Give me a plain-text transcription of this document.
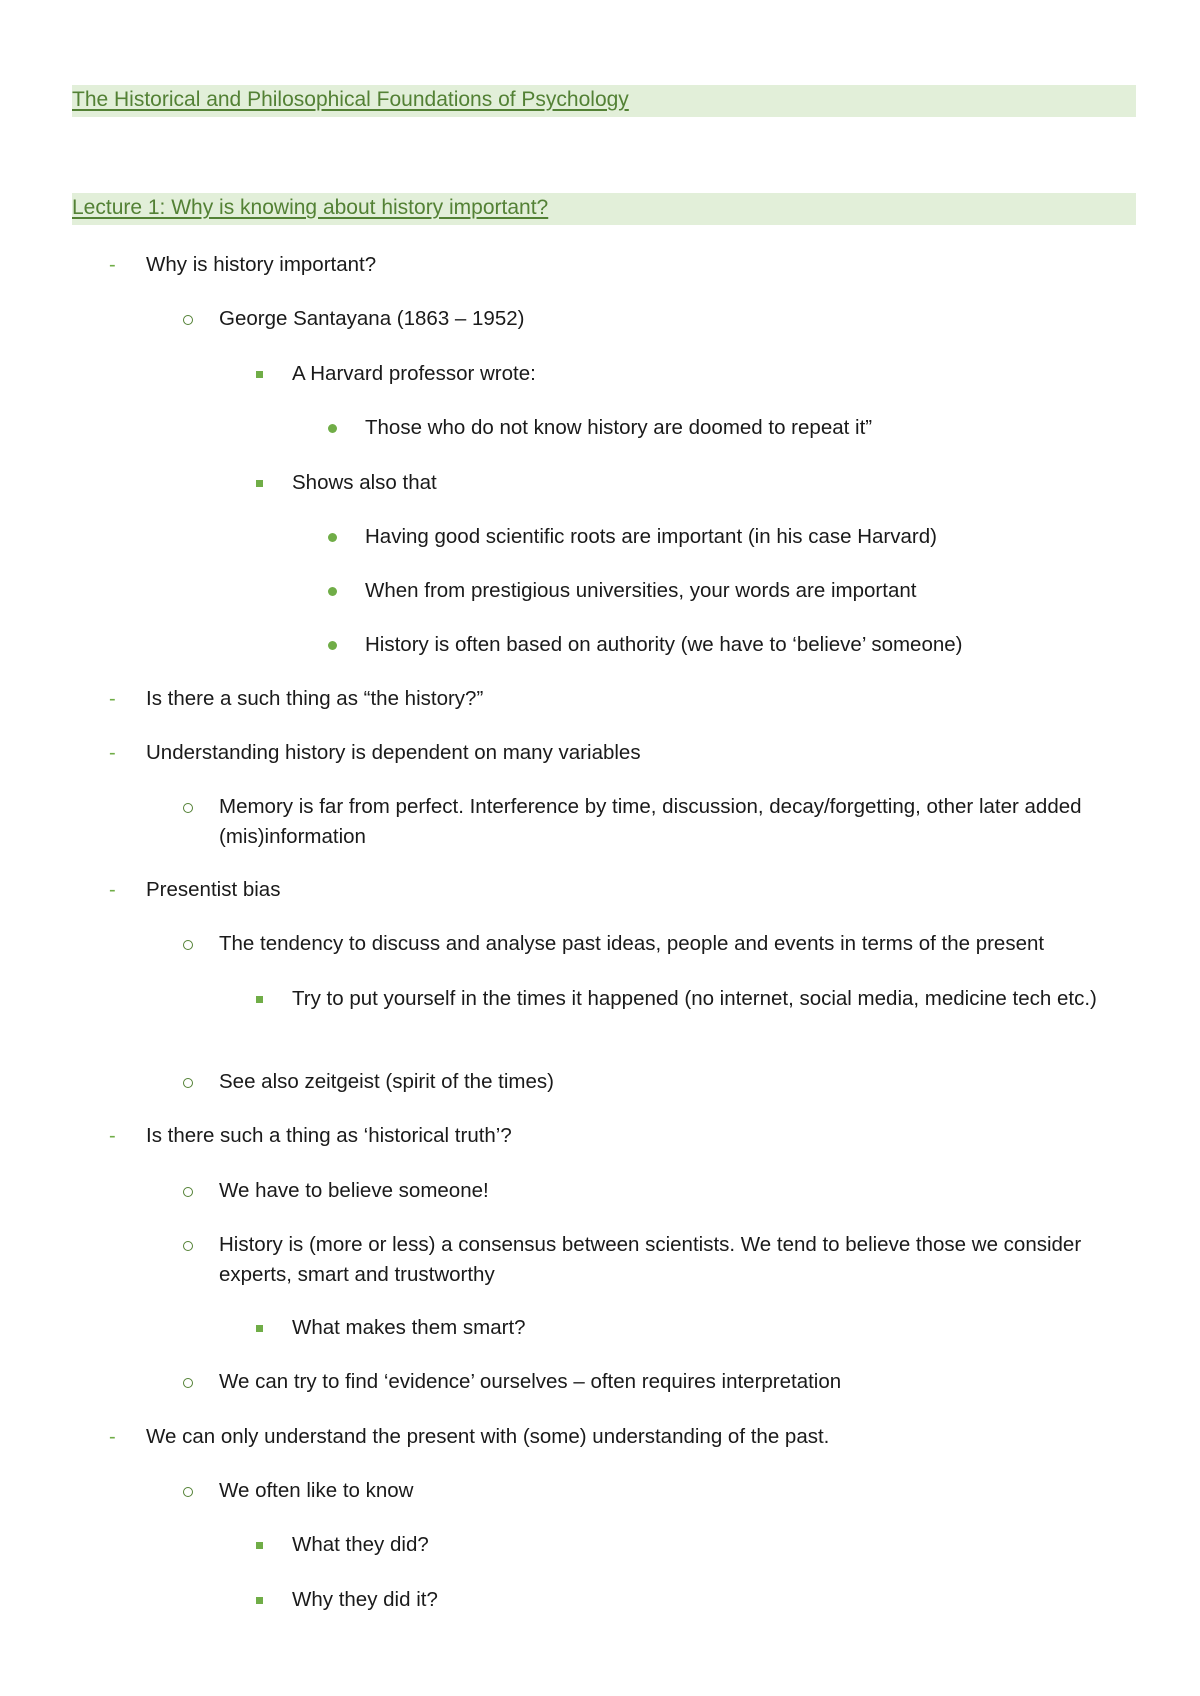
The Historical and Philosophical Foundations of Psychology
Lecture 1: Why is knowing about history important?
- Why is history important?
George Santayana (1863 – 1952)
A Harvard professor wrote:
Those who do not know history are doomed to repeat it”
Shows also that
Having good scientific roots are important (in his case Harvard)
When from prestigious universities, your words are important
History is often based on authority (we have to ‘believe’ someone)
- Is there a such thing as “the history?”
- Understanding history is dependent on many variables
Memory is far from perfect. Interference by time, discussion, decay/forgetting, other later added (mis)information
- Presentist bias
The tendency to discuss and analyse past ideas, people and events in terms of the present
Try to put yourself in the times it happened (no internet, social media, medicine tech etc.)
See also zeitgeist (spirit of the times)
- Is there such a thing as ‘historical truth’?
We have to believe someone!
History is (more or less) a consensus between scientists. We tend to believe those we consider experts, smart and trustworthy
What makes them smart?
We can try to find ‘evidence’ ourselves – often requires interpretation
- We can only understand the present with (some) understanding of the past.
We often like to know
What they did?
Why they did it?
